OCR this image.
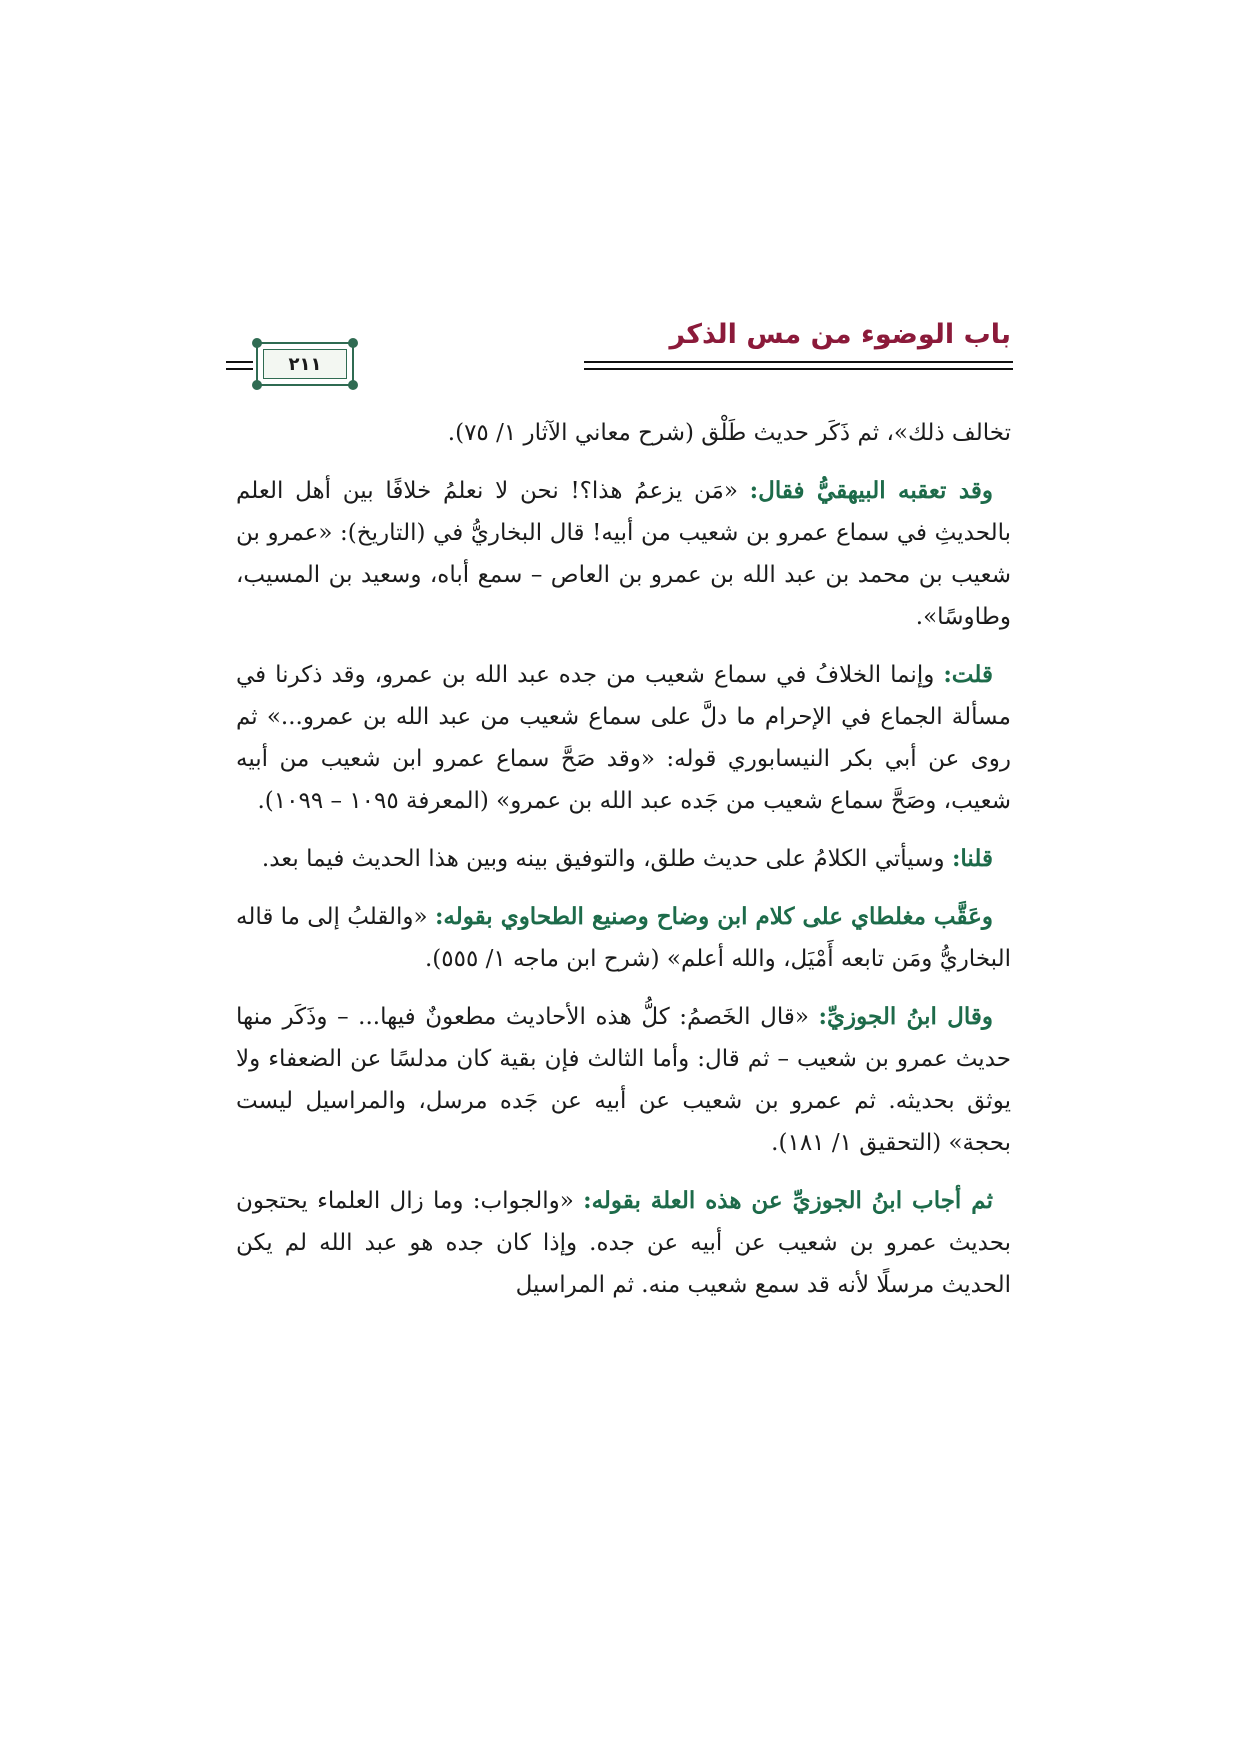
باب الوضوء من مس الذكر
٢١١

تخالف ذلك»، ثم ذَكَر حديث طَلْق (شرح معاني الآثار ١/ ٧٥).

وقد تعقبه البيهقيُّ فقال: «مَن يزعمُ هذا؟! نحن لا نعلمُ خلافًا بين أهل العلم بالحديثِ في سماع عمرو بن شعيب من أبيه! قال البخاريُّ في (التاريخ): «عمرو بن شعيب بن محمد بن عبد الله بن عمرو بن العاص – سمع أباه، وسعيد بن المسيب، وطاوسًا».

قلت: وإنما الخلافُ في سماع شعيب من جده عبد الله بن عمرو، وقد ذكرنا في مسألة الجماع في الإحرام ما دلَّ على سماع شعيب من عبد الله بن عمرو...» ثم روى عن أبي بكر النيسابوري قوله: «وقد صَحَّ سماع عمرو ابن شعيب من أبيه شعيب، وصَحَّ سماع شعيب من جَده عبد الله بن عمرو» (المعرفة ١٠٩٥ – ١٠٩٩).

قلنا: وسيأتي الكلامُ على حديث طلق، والتوفيق بينه وبين هذا الحديث فيما بعد.

وعَقَّب مغلطاي على كلام ابن وضاح وصنيع الطحاوي بقوله: «والقلبُ إلى ما قاله البخاريُّ ومَن تابعه أَمْيَل، والله أعلم» (شرح ابن ماجه ١/ ٥٥٥).

وقال ابنُ الجوزيِّ: «قال الخَصمُ: كلُّ هذه الأحاديث مطعونٌ فيها... – وذَكَر منها حديث عمرو بن شعيب – ثم قال: وأما الثالث فإن بقية كان مدلسًا عن الضعفاء ولا يوثق بحديثه. ثم عمرو بن شعيب عن أبيه عن جَده مرسل، والمراسيل ليست بحجة» (التحقيق ١/ ١٨١).

ثم أجاب ابنُ الجوزيِّ عن هذه العلة بقوله: «والجواب: وما زال العلماء يحتجون بحديث عمرو بن شعيب عن أبيه عن جده. وإذا كان جده هو عبد الله لم يكن الحديث مرسلًا لأنه قد سمع شعيب منه. ثم المراسيل
